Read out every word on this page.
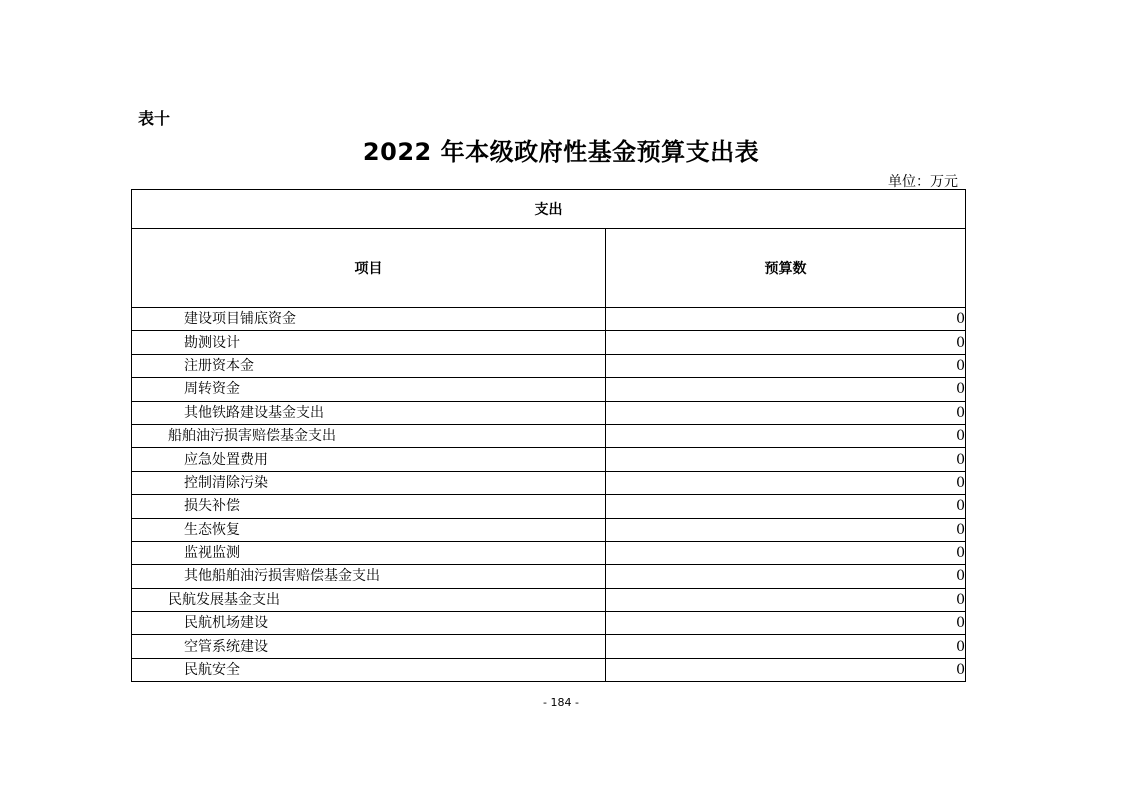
表十
2022 年本级政府性基金预算支出表
单位：万元
支出	
项目	预算数
建设项目铺底资金	0
勘测设计	0
注册资本金	0
周转资金	0
其他铁路建设基金支出	0
船舶油污损害赔偿基金支出	0
应急处置费用	0
控制清除污染	0
损失补偿	0
生态恢复	0
监视监测	0
其他船舶油污损害赔偿基金支出	0
民航发展基金支出	0
民航机场建设	0
空管系统建设	0
民航安全	0
- 184 -
